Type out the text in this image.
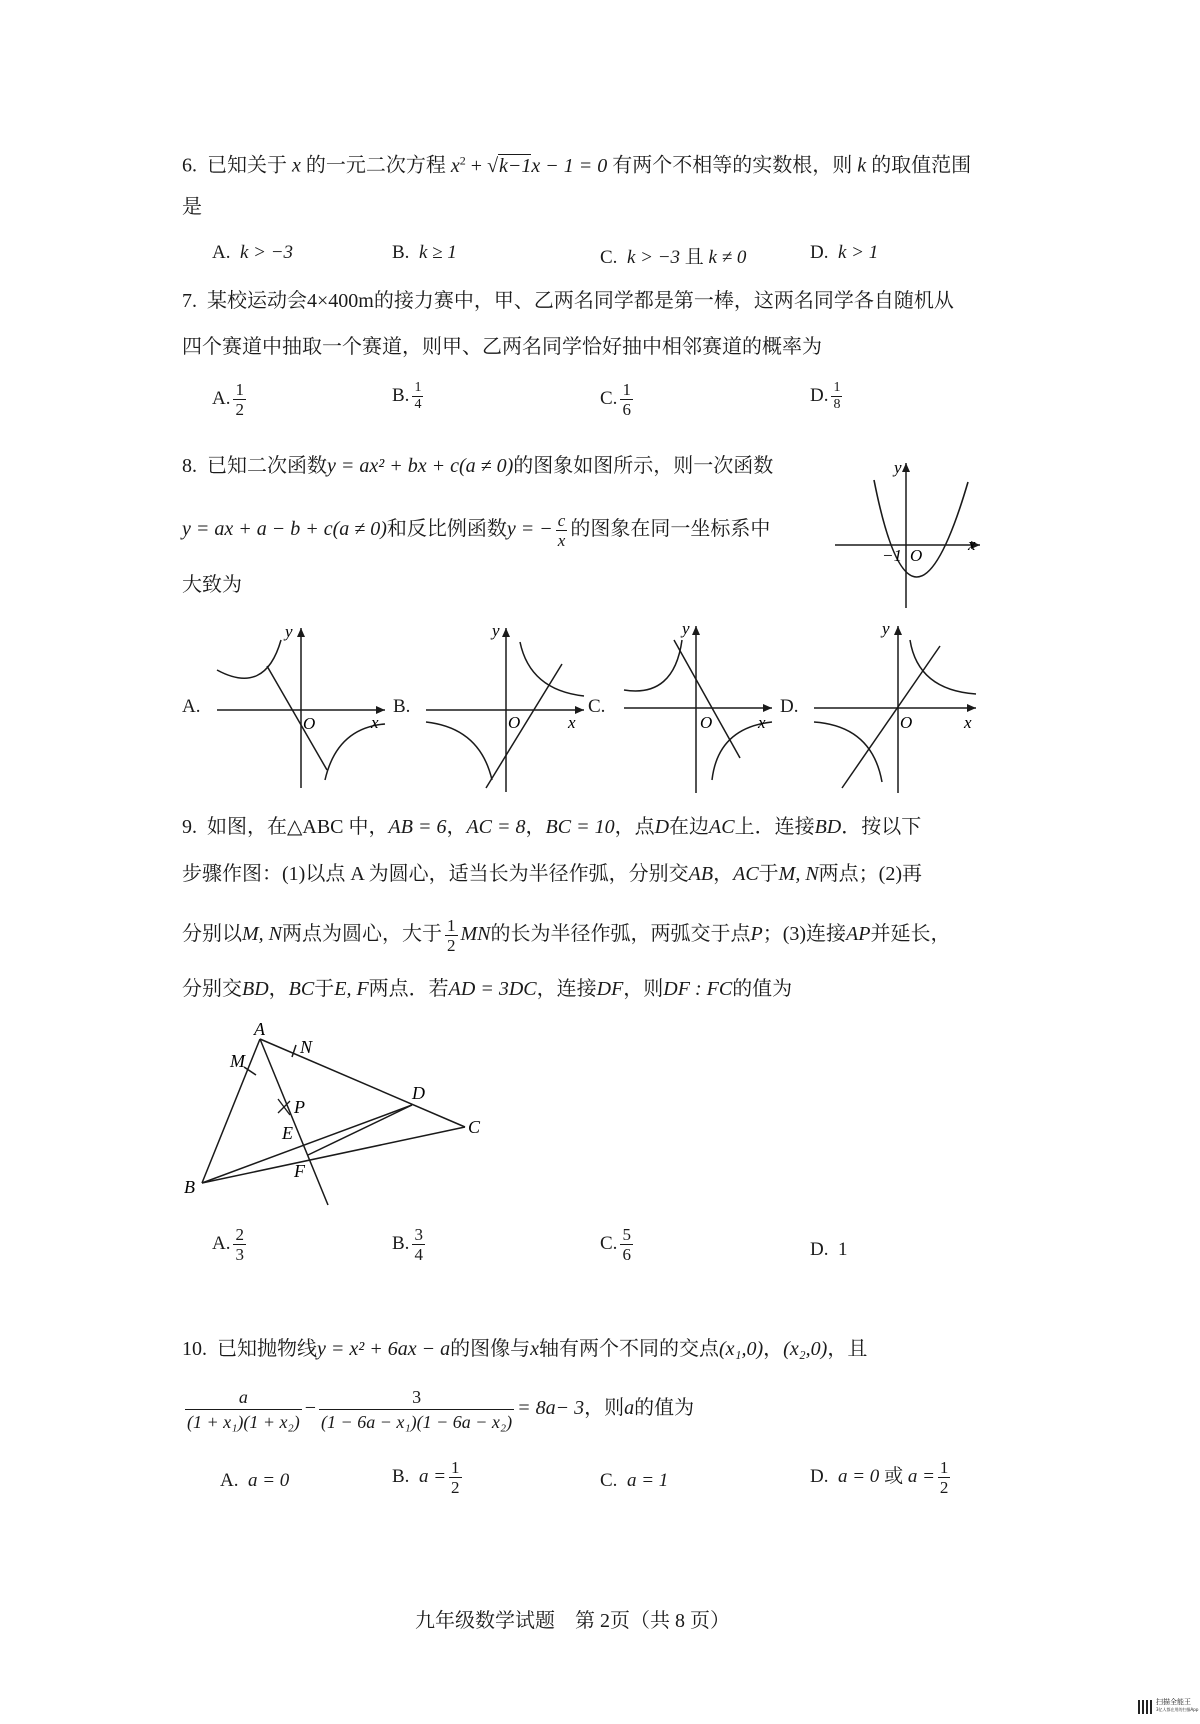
6. 已知关于 x 的一元二次方程 $x^2 + √k-1x - 1 = 0$ 有两个不相等的实数根，则 k 的取值范围
是
A. k > −3	B. k ≥ 1	C. k > −3 且 k ≠ 0	D. k > 1
7. 某校运动会4×400m的接力赛中，甲、乙两名同学都是第一棒，这两名同学各自随机从
四个赛道中抽取一个赛道，则甲、乙两名同学恰好抽中相邻赛道的概率为
A. $\frac{1}{2}$	B. $\frac{1}{4}$	C. $\frac{1}{6}$	D. $\frac{1}{8}$
8. 已知二次函数y = ax² + bx + c(a ≠ 0)的图象如图所示，则一次函数
y = ax + a − b + c(a ≠ 0)和反比例函数y = − $\frac{c}{x}$ 的图象在同一坐标系中
大致为
y
x
O
−1
A.
y
x
O
B.
y
x
O
C.
y
x
O
D.
y
x
O
9. 如图，在△ABC 中，AB = 6，AC = 8，BC = 10，点D在边AC上．连接BD．按以下
步骤作图：(1)以点 A 为圆心，适当长为半径作弧，分别交AB，AC于M, N两点；(2)再
分别以M, N两点为圆心，大于 $\frac{1}{2}$ MN的长为半径作弧，两弧交于点P；(3)连接AP并延长，
分别交BD，BC于E, F两点．若AD = 3DC，连接DF，则DF : FC的值为
A
B
C
D
E
F
M
N
P
A. $\frac{2}{3}$	B. $\frac{3}{4}$	C. $\frac{5}{6}$	D. 1
10. 已知抛物线y = x² + 6ax − a的图像与x轴有两个不同的交点(x₁,0)，(x₂,0)，且
$\frac{a}{\text{(1 + x₁)(1 + x₂)}} - \frac{3}{\text{(1 − 6a − x₁)(1 − 6a − x₂)}} = 8a- 3$，则a的值为
A. a = 0	B. $a = \frac{1}{2}$	C. a = 1	D. a = 0 或 $a = \frac{1}{2}$
九年级数学试题　第 2页（共 8 页）
扫描全能王
3亿人都在用的扫描App
